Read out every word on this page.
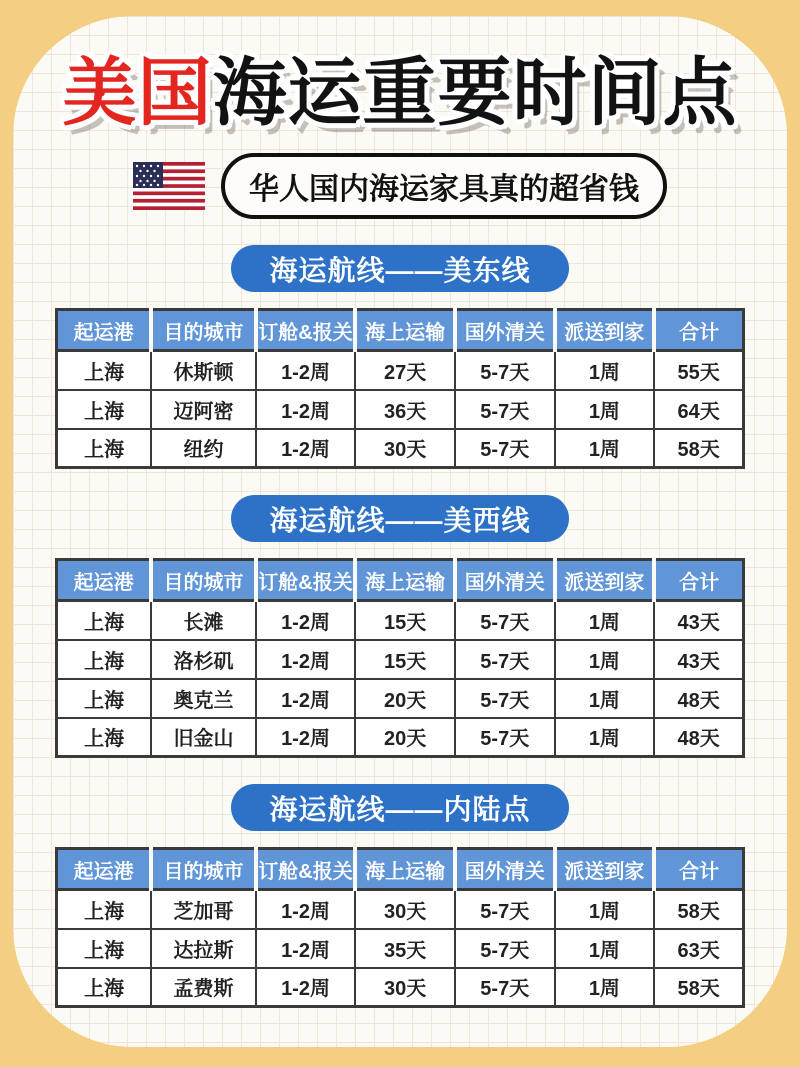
美国海运重要时间点
华人国内海运家具真的超省钱
海运航线——美东线
起运港	目的城市	订舱&报关	海上运输	国外清关	派送到家	合计
上海	休斯顿	1-2周	27天	5-7天	1周	55天
上海	迈阿密	1-2周	36天	5-7天	1周	64天
上海	纽约	1-2周	30天	5-7天	1周	58天
海运航线——美西线
起运港	目的城市	订舱&报关	海上运输	国外清关	派送到家	合计
上海	长滩	1-2周	15天	5-7天	1周	43天
上海	洛杉矶	1-2周	15天	5-7天	1周	43天
上海	奥克兰	1-2周	20天	5-7天	1周	48天
上海	旧金山	1-2周	20天	5-7天	1周	48天
海运航线——内陆点
起运港	目的城市	订舱&报关	海上运输	国外清关	派送到家	合计
上海	芝加哥	1-2周	30天	5-7天	1周	58天
上海	达拉斯	1-2周	35天	5-7天	1周	63天
上海	孟费斯	1-2周	30天	5-7天	1周	58天
